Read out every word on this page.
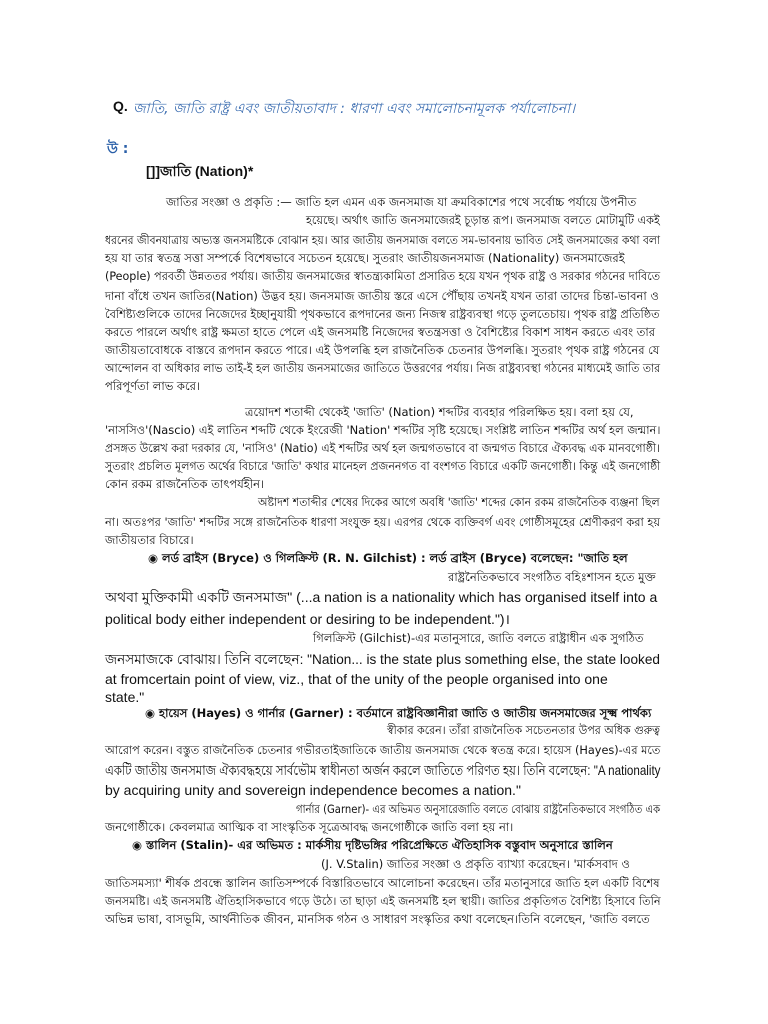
Q. জাতি, জাতি রাষ্ট্র এবং জাতীয়তাবাদ : ধারণা এবং সমালোচনামূলক পর্যালোচনা।
উ :
[]]জাতি (Nation)*
জাতির সংজ্ঞা ও প্রকৃতি :— জাতি হল এমন এক জনসমাজ যা ক্রমবিকাশের পথে সর্বোচ্চ পর্যায়ে উপনীত
হয়েছে। অর্থাৎ জাতি জনসমাজেরই চূড়ান্ত রূপ। জনসমাজ বলতে মোটামুটি একই
ধরনের জীবনযাত্রায় অভ্যস্ত জনসমষ্টিকে বোঝান হয়। আর জাতীয় জনসমাজ বলতে সম-ভাবনায় ভাবিত সেই জনসমাজের কথা বলা
হয় যা তার স্বতন্ত্র সত্তা সম্পর্কে বিশেষভাবে সচেতন হয়েছে। সুতরাং জাতীয়জনসমাজ (Nationality) জনসমাজেরই
(People) পরবর্তী উন্নততর পর্যায়। জাতীয় জনসমাজের স্বাতন্ত্র্যকামিতা প্রসারিত হয়ে যখন পৃথক রাষ্ট্র ও সরকার গঠনের দাবিতে
দানা বাঁধে তখন জাতির(Nation) উদ্ভব হয়। জনসমাজ জাতীয় স্তরে এসে পৌঁছায় তখনই যখন তারা তাদের চিন্তা-ভাবনা ও
বৈশিষ্ট্যগুলিকে তাদের নিজেদের ইচ্ছানুযায়ী পৃথকভাবে রূপদানের জন্য নিজস্ব রাষ্ট্রব্যবস্থা গড়ে তুলতেচায়। পৃথক রাষ্ট্র প্রতিষ্ঠিত
করতে পারলে অর্থাৎ রাষ্ট্র ক্ষমতা হাতে পেলে এই জনসমষ্টি নিজেদের স্বতন্ত্রসত্তা ও বৈশিষ্ট্যের বিকাশ সাধন করতে এবং তার
জাতীয়তাবোধকে বাস্তবে রূপদান করতে পারে। এই উপলব্ধি হল রাজনৈতিক চেতনার উপলব্ধি। সুতরাং পৃথক রাষ্ট্র গঠনের যে
আন্দোলন বা অধিকার লাভ তাই-ই হল জাতীয় জনসমাজের জাতিতে উত্তরণের পর্যায়। নিজ রাষ্ট্রব্যবস্থা গঠনের মাধ্যমেই জাতি তার
পরিপূর্ণতা লাভ করে।
ত্রয়োদশ শতাব্দী থেকেই 'জাতি' (Nation) শব্দটির ব্যবহার পরিলক্ষিত হয়। বলা হয় যে,
'নাসসিও'(Nascio) এই লাতিন শব্দটি থেকে ইংরেজী 'Nation' শব্দটির সৃষ্টি হয়েছে। সংশ্লিষ্ট লাতিন শব্দটির অর্থ হল জন্মান।
প্রসঙ্গত উল্লেখ করা দরকার যে, 'নাসিও' (Natio) এই শব্দটির অর্থ হল জন্মগতভাবে বা জন্মগত বিচারে ঐক্যবদ্ধ এক মানবগোষ্ঠী।
সুতরাং প্রচলিত মূলগত অর্থের বিচারে 'জাতি' কথার মানেহল প্রজননগত বা বংশগত বিচারে একটি জনগোষ্ঠী। কিন্তু এই জনগোষ্ঠী
কোন রকম রাজনৈতিক তাৎপর্যহীন।
অষ্টাদশ শতাব্দীর শেষের দিকের আগে অবধি 'জাতি' শব্দের কোন রকম রাজনৈতিক ব্যঞ্জনা ছিল
না। অতঃপর 'জাতি' শব্দটির সঙ্গে রাজনৈতিক ধারণা সংযুক্ত হয়। এরপর থেকে ব্যক্তিবর্গ এবং গোষ্ঠীসমূহের শ্রেণীকরণ করা হয়
জাতীয়তার বিচারে।
◉ লর্ড ব্রাইস (Bryce) ও গিলক্রিস্ট (R. N. Gilchist) : লর্ড ব্রাইস (Bryce) বলেছেন: "জাতি হল
রাষ্ট্রনৈতিকভাবে সংগঠিত বহিঃশাসন হতে মুক্ত
অথবা মুক্তিকামী একটি জনসমাজ" (...a nation is a nationality which has organised itself into a
political body either independent or desiring to be independent.")।
গিলক্রিস্ট (Gilchist)-এর মতানুসারে, জাতি বলতে রাষ্ট্রাধীন এক সুগঠিত
জনসমাজকে বোঝায়। তিনি বলেছেন: "Nation... is the state plus something else, the state looked
at fromcertain point of view, viz., that of the unity of the people organised into one
state."
◉ হায়েস (Hayes) ও গার্নার (Garner) : বর্তমানে রাষ্ট্রবিজ্ঞানীরা জাতি ও জাতীয় জনসমাজের সূক্ষ্ম পার্থক্য
স্বীকার করেন। তাঁরা রাজনৈতিক সচেতনতার উপর অধিক গুরুত্ব
আরোপ করেন। বস্তুত রাজনৈতিক চেতনার গভীরতাইজাতিকে জাতীয় জনসমাজ থেকে স্বতন্ত্র করে। হায়েস (Hayes)-এর মতে
একটি জাতীয় জনসমাজ ঐক্যবদ্ধহয়ে সার্বভৌম স্বাধীনতা অর্জন করলে জাতিতে পরিণত হয়। তিনি বলেছেন: "A nationality
by acquiring unity and sovereign independence becomes a nation."
গার্নার (Garner)- এর অভিমত অনুসারেজাতি বলতে বোঝায় রাষ্ট্রনৈতিকভাবে সংগঠিত এক
জনগোষ্ঠীকে। কেবলমাত্র আত্মিক বা সাংস্কৃতিক সূত্রেআবদ্ধ জনগোষ্ঠীকে জাতি বলা হয় না।
◉ স্তালিন (Stalin)- এর অভিমত : মার্কসীয় দৃষ্টিভঙ্গির পরিপ্রেক্ষিতে ঐতিহাসিক বস্তুবাদ অনুসারে স্তালিন
(J. V.Stalin) জাতির সংজ্ঞা ও প্রকৃতি ব্যাখ্যা করেছেন। 'মার্কসবাদ ও
জাতিসমস্যা' শীর্ষক প্রবন্ধে স্তালিন জাতিসম্পর্কে বিস্তারিতভাবে আলোচনা করেছেন। তাঁর মতানুসারে জাতি হল একটি বিশেষ
জনসমষ্টি। এই জনসমষ্টি ঐতিহাসিকভাবে গড়ে উঠে। তা ছাড়া এই জনসমষ্টি হল স্থায়ী। জাতির প্রকৃতিগত বৈশিষ্ট্য হিসাবে তিনি
অভিন্ন ভাষা, বাসভূমি, আর্থনীতিক জীবন, মানসিক গঠন ও সাধারণ সংস্কৃতির কথা বলেছেন।তিনি বলেছেন, 'জাতি বলতে
